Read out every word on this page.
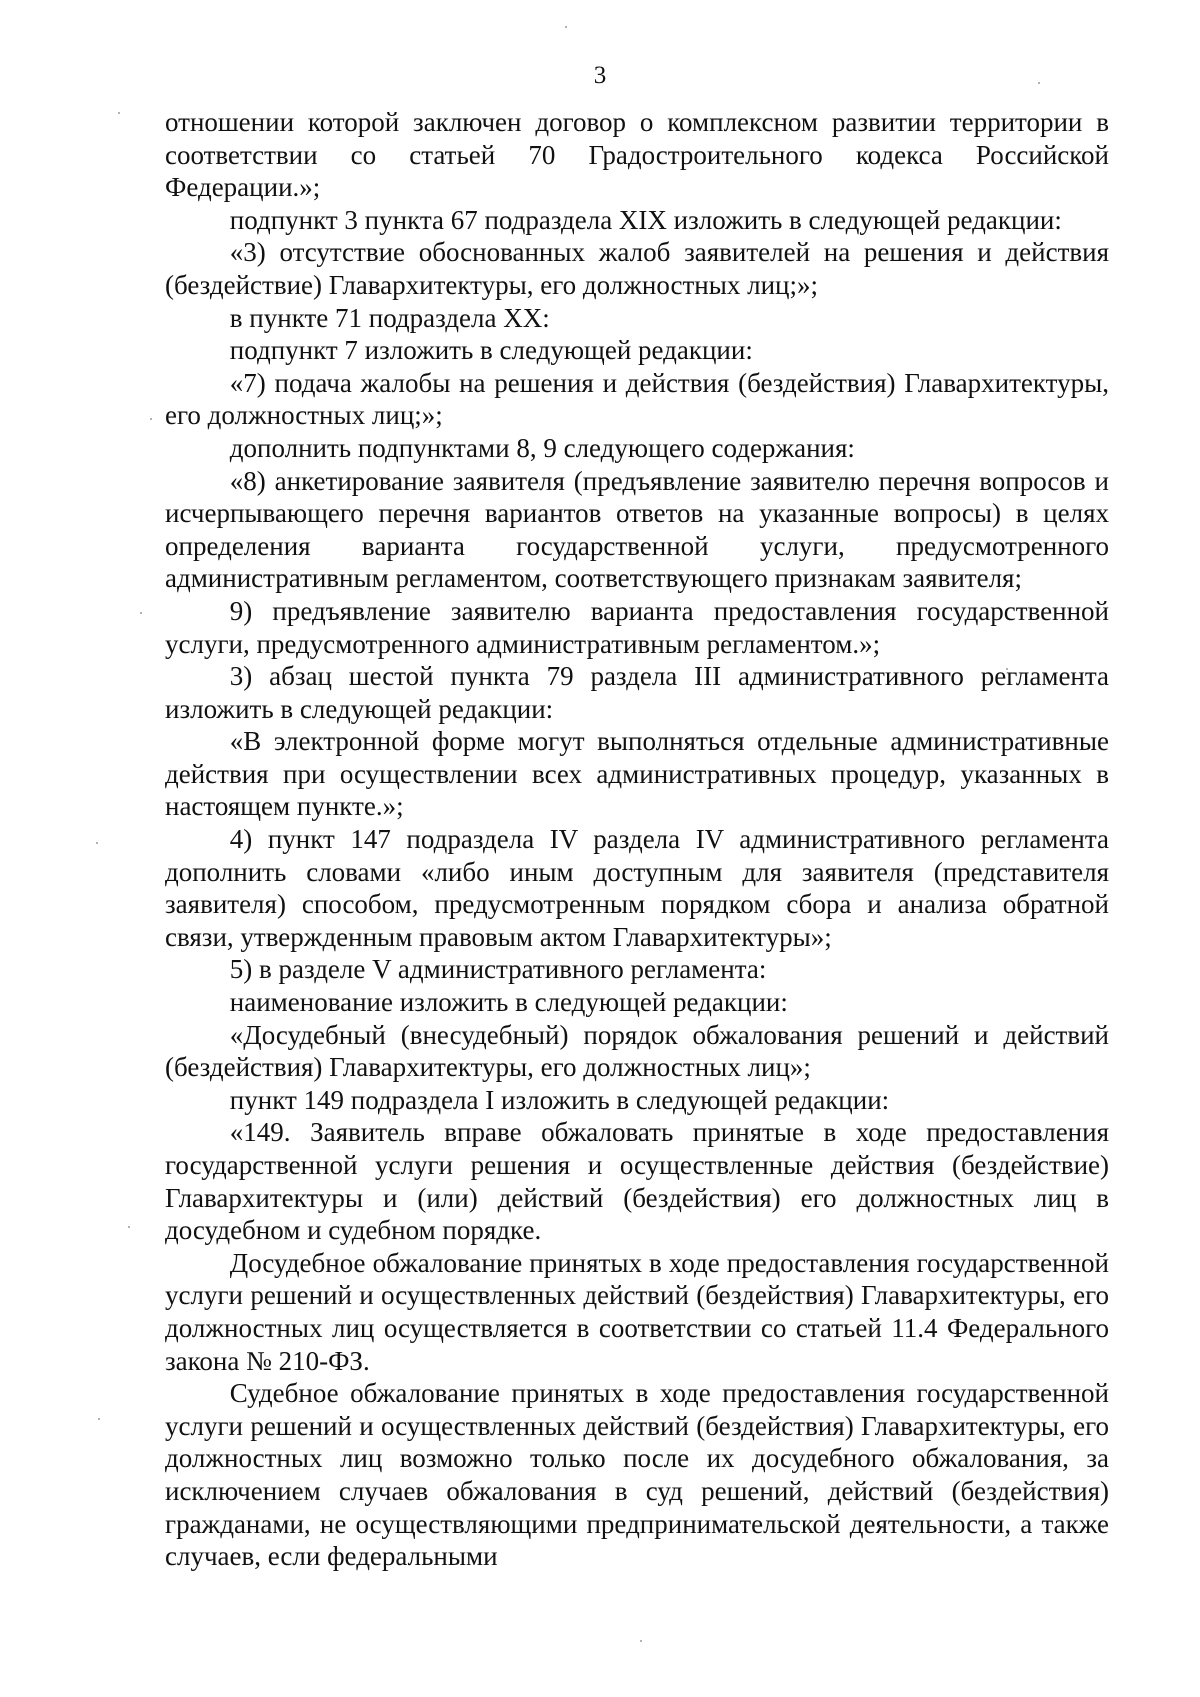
3

отношении которой заключен договор о комплексном развитии территории в соответствии со статьей 70 Градостроительного кодекса Российской Федерации.»;

подпункт 3 пункта 67 подраздела XIX изложить в следующей редакции:

«3) отсутствие обоснованных жалоб заявителей на решения и действия (бездействие) Главархитектуры, его должностных лиц;»;

в пункте 71 подраздела XX:

подпункт 7 изложить в следующей редакции:

«7) подача жалобы на решения и действия (бездействия) Главархитектуры, его должностных лиц;»;

дополнить подпунктами 8, 9 следующего содержания:

«8) анкетирование заявителя (предъявление заявителю перечня вопросов и исчерпывающего перечня вариантов ответов на указанные вопросы) в целях определения варианта государственной услуги, предусмотренного административным регламентом, соответствующего признакам заявителя;

9) предъявление заявителю варианта предоставления государственной услуги, предусмотренного административным регламентом.»;

3) абзац шестой пункта 79 раздела III административного регламента изложить в следующей редакции:

«В электронной форме могут выполняться отдельные административные действия при осуществлении всех административных процедур, указанных в настоящем пункте.»;

4) пункт 147 подраздела IV раздела IV административного регламента дополнить словами «либо иным доступным для заявителя (представителя заявителя) способом, предусмотренным порядком сбора и анализа обратной связи, утвержденным правовым актом Главархитектуры»;

5) в разделе V административного регламента:

наименование изложить в следующей редакции:

«Досудебный (внесудебный) порядок обжалования решений и действий (бездействия) Главархитектуры, его должностных лиц»;

пункт 149 подраздела I изложить в следующей редакции:

«149. Заявитель вправе обжаловать принятые в ходе предоставления государственной услуги решения и осуществленные действия (бездействие) Главархитектуры и (или) действий (бездействия) его должностных лиц в досудебном и судебном порядке.

Досудебное обжалование принятых в ходе предоставления государственной услуги решений и осуществленных действий (бездействия) Главархитектуры, его должностных лиц осуществляется в соответствии со статьей 11.4 Федерального закона № 210-ФЗ.

Судебное обжалование принятых в ходе предоставления государственной услуги решений и осуществленных действий (бездействия) Главархитектуры, его должностных лиц возможно только после их досудебного обжалования, за исключением случаев обжалования в суд решений, действий (бездействия) гражданами, не осуществляющими предпринимательской деятельности, а также случаев, если федеральными
